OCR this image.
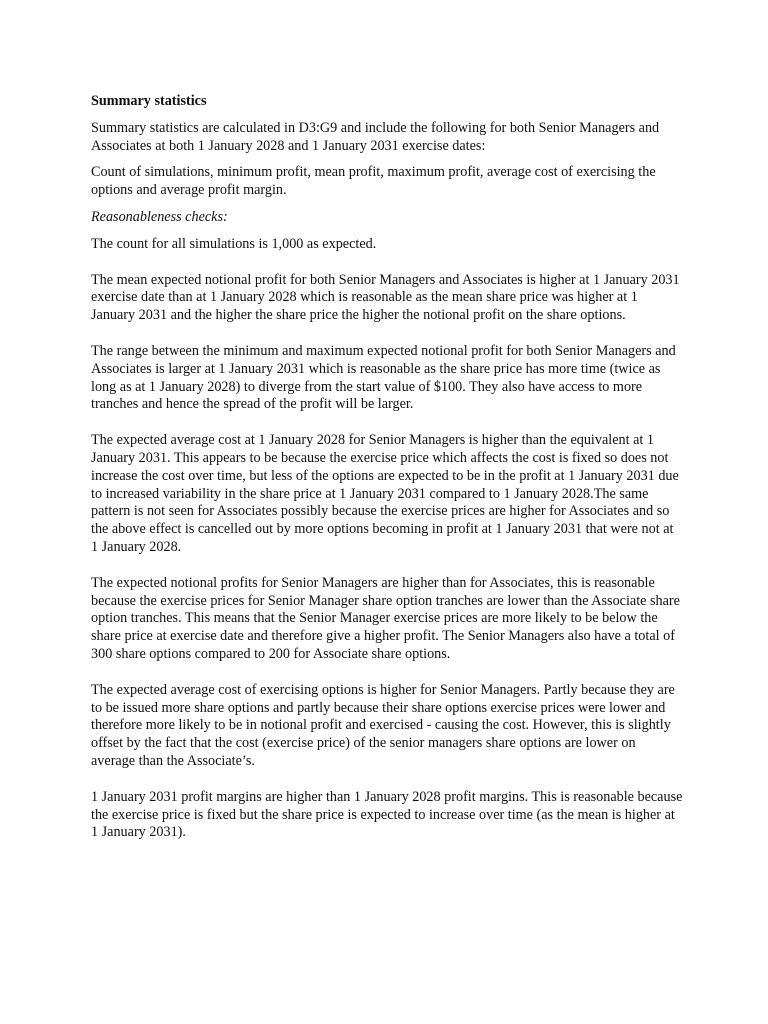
Summary statistics

Summary statistics are calculated in D3:G9 and include the following for both Senior Managers and Associates at both 1 January 2028 and 1 January 2031 exercise dates:

Count of simulations, minimum profit, mean profit, maximum profit, average cost of exercising the options and average profit margin.

Reasonableness checks:

The count for all simulations is 1,000 as expected.

The mean expected notional profit for both Senior Managers and Associates is higher at 1 January 2031 exercise date than at 1 January 2028 which is reasonable as the mean share price was higher at 1 January 2031 and the higher the share price the higher the notional profit on the share options.

The range between the minimum and maximum expected notional profit for both Senior Managers and Associates is larger at 1 January 2031 which is reasonable as the share price has more time (twice as long as at 1 January 2028) to diverge from the start value of $100. They also have access to more tranches and hence the spread of the profit will be larger.

The expected average cost at 1 January 2028 for Senior Managers is higher than the equivalent at 1 January 2031. This appears to be because the exercise price which affects the cost is fixed so does not increase the cost over time, but less of the options are expected to be in the profit at 1 January 2031 due to increased variability in the share price at 1 January 2031 compared to 1 January 2028.The same pattern is not seen for Associates possibly because the exercise prices are higher for Associates and so the above effect is cancelled out by more options becoming in profit at 1 January 2031 that were not at 1 January 2028.

The expected notional profits for Senior Managers are higher than for Associates, this is reasonable because the exercise prices for Senior Manager share option tranches are lower than the Associate share option tranches. This means that the Senior Manager exercise prices are more likely to be below the share price at exercise date and therefore give a higher profit. The Senior Managers also have a total of 300 share options compared to 200 for Associate share options.

The expected average cost of exercising options is higher for Senior Managers. Partly because they are to be issued more share options and partly because their share options exercise prices were lower and therefore more likely to be in notional profit and exercised - causing the cost. However, this is slightly offset by the fact that the cost (exercise price) of the senior managers share options are lower on average than the Associate’s.

1 January 2031 profit margins are higher than 1 January 2028 profit margins. This is reasonable because the exercise price is fixed but the share price is expected to increase over time (as the mean is higher at 1 January 2031).
